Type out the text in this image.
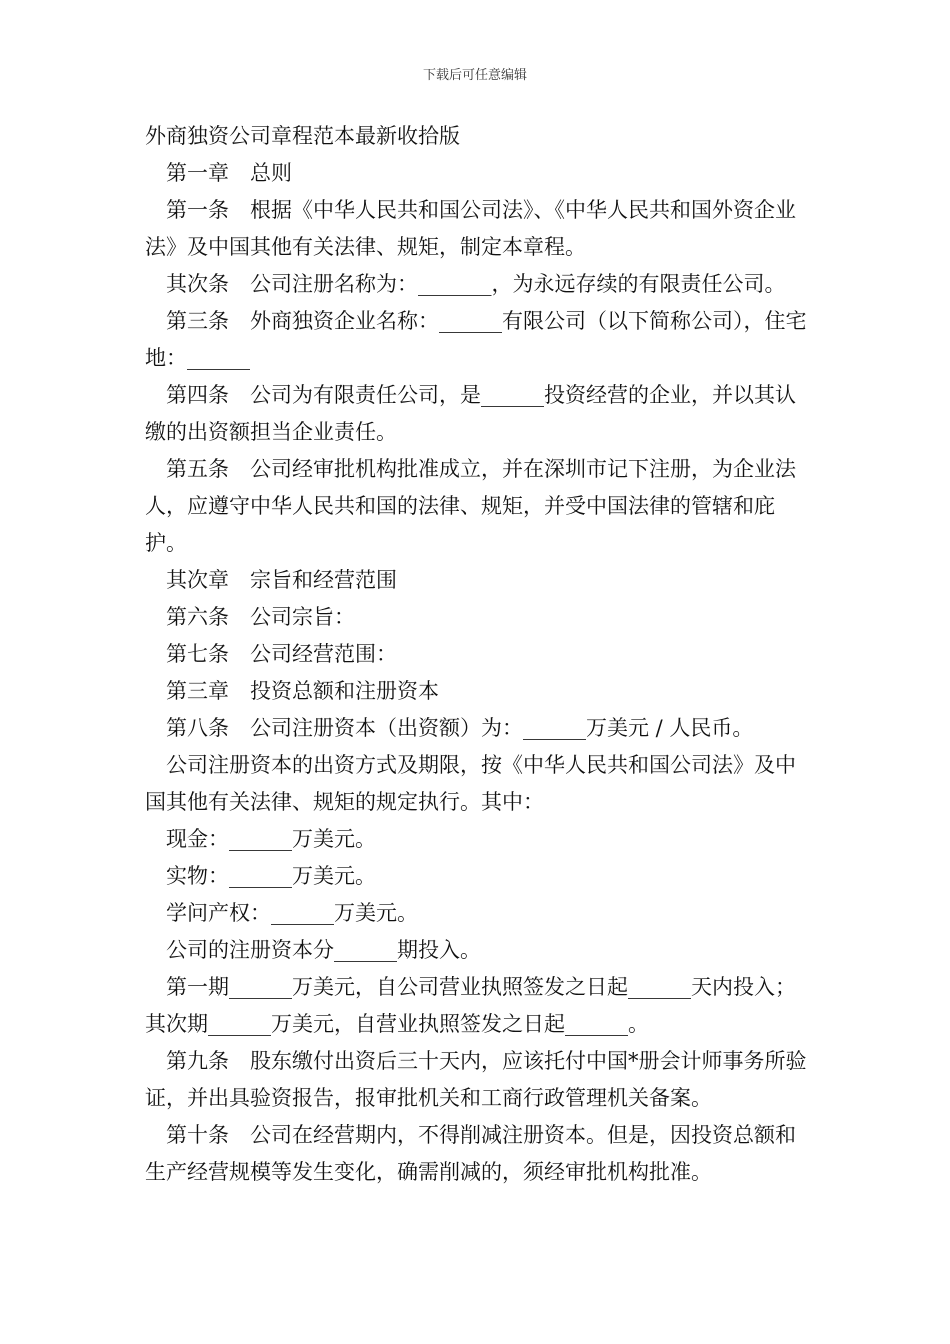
下载后可任意编辑

外商独资公司章程范本最新收拾版

第一章　总则

第一条　根据《中华人民共和国公司法》、《中华人民共和国外资企业法》及中国其他有关法律、规矩，制定本章程。

其次条　公司注册名称为：_______，为永远存续的有限责任公司。

第三条　外商独资企业名称：______有限公司（以下简称公司），住宅地：______

第四条　公司为有限责任公司，是______投资经营的企业，并以其认缴的出资额担当企业责任。

第五条　公司经审批机构批准成立，并在深圳市记下注册，为企业法人，应遵守中华人民共和国的法律、规矩，并受中国法律的管辖和庇护。

其次章　宗旨和经营范围

第六条　公司宗旨：

第七条　公司经营范围：

第三章　投资总额和注册资本

第八条　公司注册资本（出资额）为：______万美元 / 人民币。

公司注册资本的出资方式及期限，按《中华人民共和国公司法》及中国其他有关法律、规矩的规定执行。其中：

现金：______万美元。

实物：______万美元。

学问产权：______万美元。

公司的注册资本分______期投入。

第一期______万美元，自公司营业执照签发之日起______天内投入；其次期______万美元，自营业执照签发之日起______。

第九条　股东缴付出资后三十天内，应该托付中国*册会计师事务所验证，并出具验资报告，报审批机关和工商行政管理机关备案。

第十条　公司在经营期内，不得削减注册资本。但是，因投资总额和生产经营规模等发生变化，确需削减的，须经审批机构批准。
